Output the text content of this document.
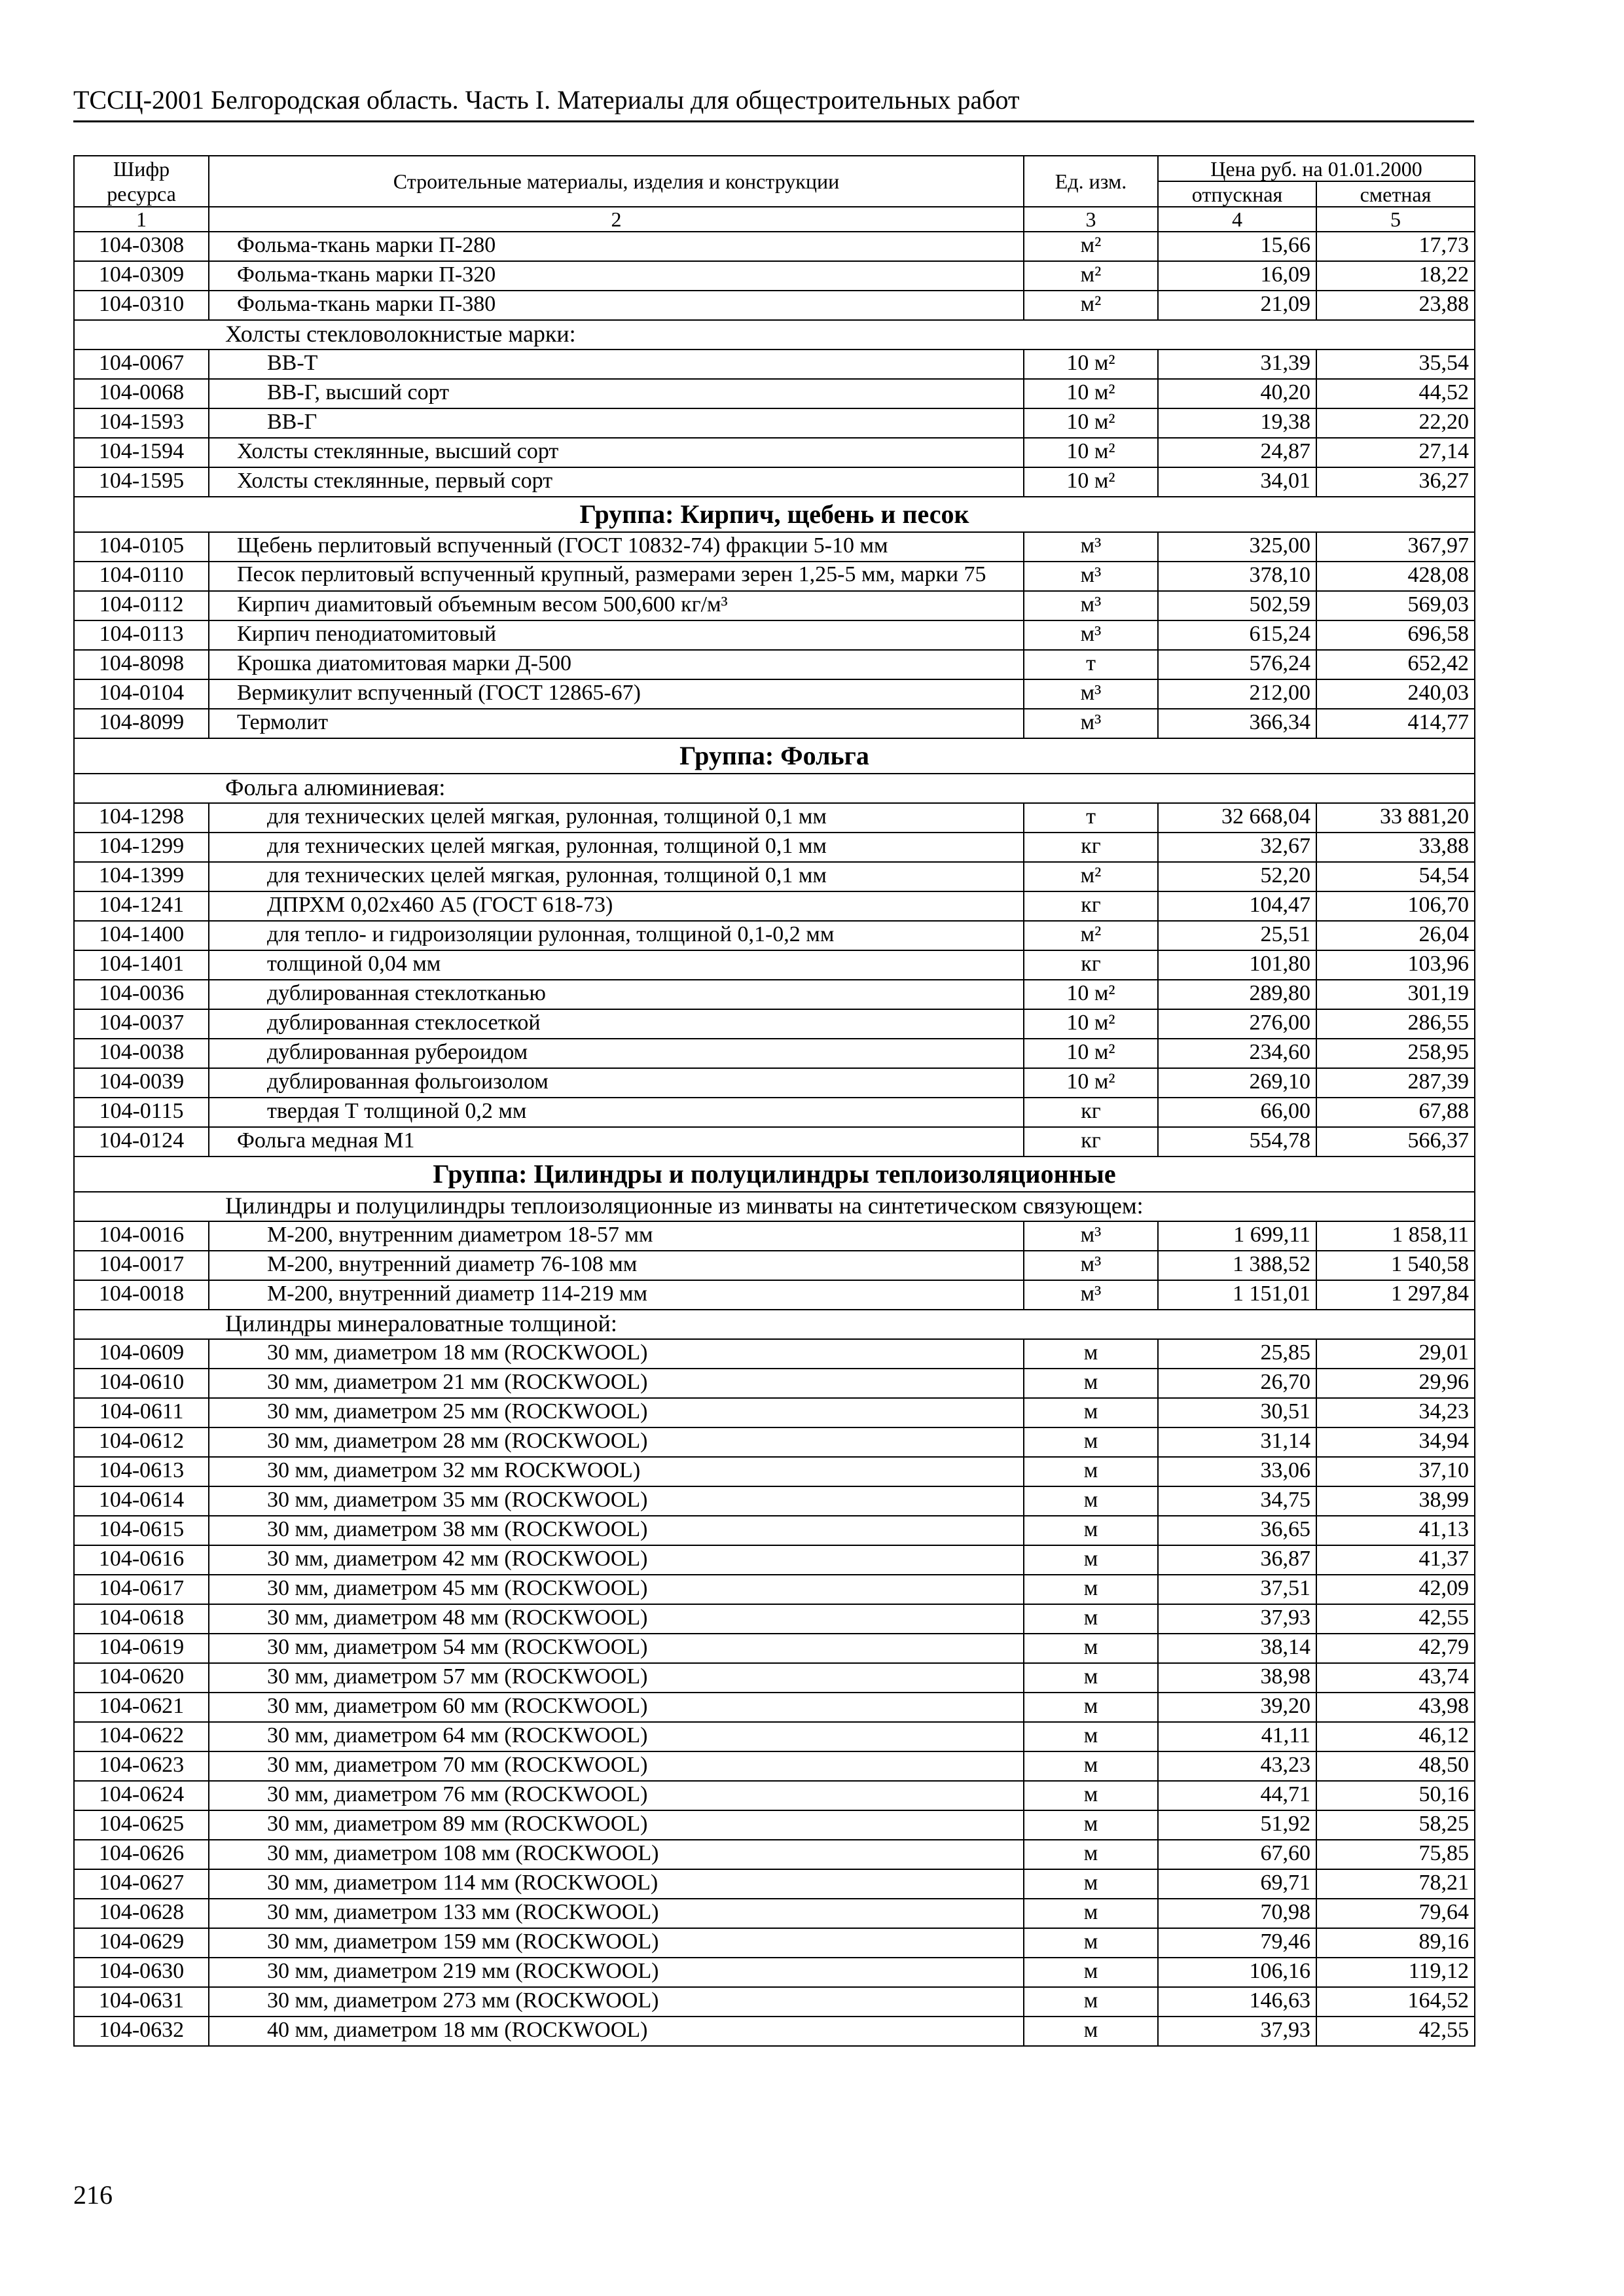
ТССЦ-2001 Белгородская область. Часть I. Материалы для общестроительных работ
Шифр ресурса	Строительные материалы, изделия и конструкции	Ед. изм.	Цена руб. на 01.01.2000	
			отпускная	сметная
1	2	3	4	5
104-0308	Фольма-ткань марки П-280	м²	15,66	17,73
104-0309	Фольма-ткань марки П-320	м²	16,09	18,22
104-0310	Фольма-ткань марки П-380	м²	21,09	23,88
Холсты стекловолокнистые марки:				
104-0067	ВВ-Т	10 м²	31,39	35,54
104-0068	ВВ-Г, высший сорт	10 м²	40,20	44,52
104-1593	ВВ-Г	10 м²	19,38	22,20
104-1594	Холсты стеклянные, высший сорт	10 м²	24,87	27,14
104-1595	Холсты стеклянные, первый сорт	10 м²	34,01	36,27
Группа: Кирпич, щебень и песок				
104-0105	Щебень перлитовый вспученный (ГОСТ 10832-74) фракции 5-10 мм	м³	325,00	367,97
104-0110	Песок перлитовый вспученный крупный, размерами зерен 1,25-5 мм, марки 75	м³	378,10	428,08
104-0112	Кирпич диамитовый объемным весом 500,600 кг/м³	м³	502,59	569,03
104-0113	Кирпич пенодиатомитовый	м³	615,24	696,58
104-8098	Крошка диатомитовая марки Д-500	т	576,24	652,42
104-0104	Вермикулит вспученный (ГОСТ 12865-67)	м³	212,00	240,03
104-8099	Термолит	м³	366,34	414,77
Группа: Фольга				
Фольга алюминиевая:				
104-1298	для технических целей мягкая, рулонная, толщиной 0,1 мм	т	32 668,04	33 881,20
104-1299	для технических целей мягкая, рулонная, толщиной 0,1 мм	кг	32,67	33,88
104-1399	для технических целей мягкая, рулонная, толщиной 0,1 мм	м²	52,20	54,54
104-1241	ДПРХМ 0,02x460 А5 (ГОСТ 618-73)	кг	104,47	106,70
104-1400	для тепло- и гидроизоляции рулонная, толщиной 0,1-0,2 мм	м²	25,51	26,04
104-1401	толщиной 0,04 мм	кг	101,80	103,96
104-0036	дублированная стеклотканью	10 м²	289,80	301,19
104-0037	дублированная стеклосеткой	10 м²	276,00	286,55
104-0038	дублированная рубероидом	10 м²	234,60	258,95
104-0039	дублированная фольгоизолом	10 м²	269,10	287,39
104-0115	твердая Т толщиной 0,2 мм	кг	66,00	67,88
104-0124	Фольга медная М1	кг	554,78	566,37
Группа: Цилиндры и полуцилиндры теплоизоляционные				
Цилиндры и полуцилиндры теплоизоляционные из минваты на синтетическом связующем:				
104-0016	М-200, внутренним диаметром 18-57 мм	м³	1 699,11	1 858,11
104-0017	М-200, внутренний диаметр 76-108 мм	м³	1 388,52	1 540,58
104-0018	М-200, внутренний диаметр 114-219 мм	м³	1 151,01	1 297,84
Цилиндры минераловатные толщиной:				
104-0609	30 мм, диаметром 18 мм (ROCKWOOL)	м	25,85	29,01
104-0610	30 мм, диаметром 21 мм (ROCKWOOL)	м	26,70	29,96
104-0611	30 мм, диаметром 25 мм (ROCKWOOL)	м	30,51	34,23
104-0612	30 мм, диаметром 28 мм (ROCKWOOL)	м	31,14	34,94
104-0613	30 мм, диаметром 32 мм ROCKWOOL)	м	33,06	37,10
104-0614	30 мм, диаметром 35 мм (ROCKWOOL)	м	34,75	38,99
104-0615	30 мм, диаметром 38 мм (ROCKWOOL)	м	36,65	41,13
104-0616	30 мм, диаметром 42 мм (ROCKWOOL)	м	36,87	41,37
104-0617	30 мм, диаметром 45 мм (ROCKWOOL)	м	37,51	42,09
104-0618	30 мм, диаметром 48 мм (ROCKWOOL)	м	37,93	42,55
104-0619	30 мм, диаметром 54 мм (ROCKWOOL)	м	38,14	42,79
104-0620	30 мм, диаметром 57 мм (ROCKWOOL)	м	38,98	43,74
104-0621	30 мм, диаметром 60 мм (ROCKWOOL)	м	39,20	43,98
104-0622	30 мм, диаметром 64 мм (ROCKWOOL)	м	41,11	46,12
104-0623	30 мм, диаметром 70 мм (ROCKWOOL)	м	43,23	48,50
104-0624	30 мм, диаметром 76 мм (ROCKWOOL)	м	44,71	50,16
104-0625	30 мм, диаметром 89 мм (ROCKWOOL)	м	51,92	58,25
104-0626	30 мм, диаметром 108 мм (ROCKWOOL)	м	67,60	75,85
104-0627	30 мм, диаметром 114 мм (ROCKWOOL)	м	69,71	78,21
104-0628	30 мм, диаметром 133 мм (ROCKWOOL)	м	70,98	79,64
104-0629	30 мм, диаметром 159 мм (ROCKWOOL)	м	79,46	89,16
104-0630	30 мм, диаметром 219 мм (ROCKWOOL)	м	106,16	119,12
104-0631	30 мм, диаметром 273 мм (ROCKWOOL)	м	146,63	164,52
104-0632	40 мм, диаметром 18 мм (ROCKWOOL)	м	37,93	42,55
216
